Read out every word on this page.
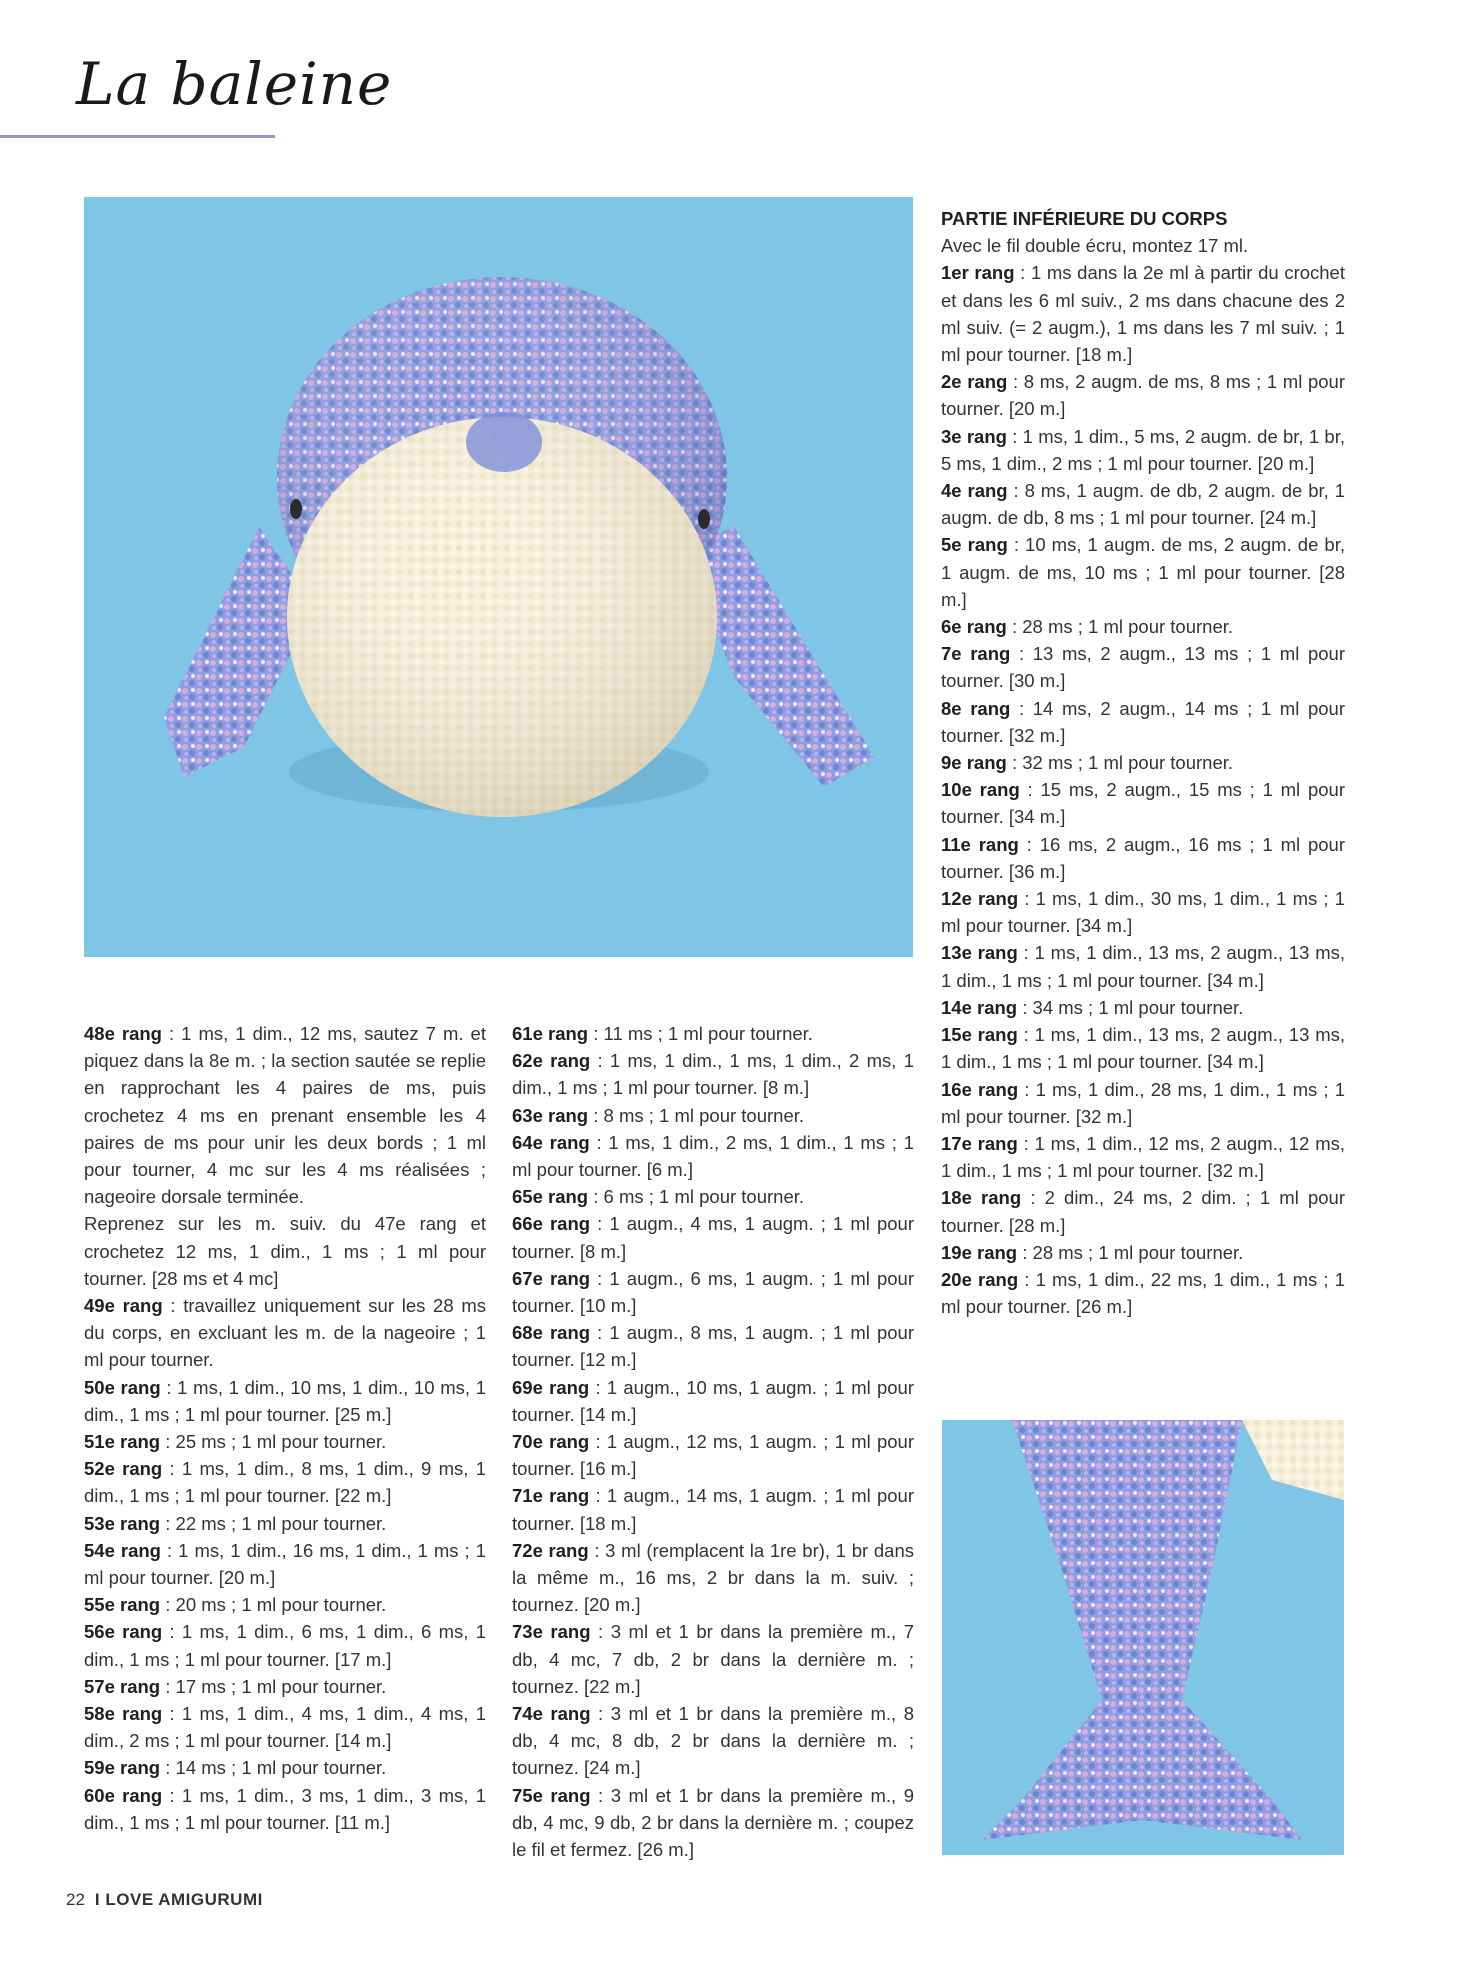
La baleine

48e rang : 1 ms, 1 dim., 12 ms, sautez 7 m. et piquez dans la 8e m. ; la section sautée se replie en rapprochant les 4 paires de ms, puis crochetez 4 ms en prenant ensemble les 4 paires de ms pour unir les deux bords ; 1 ml pour tourner, 4 mc sur les 4 ms réalisées ; nageoire dorsale terminée.

Reprenez sur les m. suiv. du 47e rang et crochetez 12 ms, 1 dim., 1 ms ; 1 ml pour tourner. [28 ms et 4 mc]

49e rang : travaillez uniquement sur les 28 ms du corps, en excluant les m. de la nageoire ; 1 ml pour tourner.

50e rang : 1 ms, 1 dim., 10 ms, 1 dim., 10 ms, 1 dim., 1 ms ; 1 ml pour tourner. [25 m.]

51e rang : 25 ms ; 1 ml pour tourner.

52e rang : 1 ms, 1 dim., 8 ms, 1 dim., 9 ms, 1 dim., 1 ms ; 1 ml pour tourner. [22 m.]

53e rang : 22 ms ; 1 ml pour tourner.

54e rang : 1 ms, 1 dim., 16 ms, 1 dim., 1 ms ; 1 ml pour tourner. [20 m.]

55e rang : 20 ms ; 1 ml pour tourner.

56e rang : 1 ms, 1 dim., 6 ms, 1 dim., 6 ms, 1 dim., 1 ms ; 1 ml pour tourner. [17 m.]

57e rang : 17 ms ; 1 ml pour tourner.

58e rang : 1 ms, 1 dim., 4 ms, 1 dim., 4 ms, 1 dim., 2 ms ; 1 ml pour tourner. [14 m.]

59e rang : 14 ms ; 1 ml pour tourner.

60e rang : 1 ms, 1 dim., 3 ms, 1 dim., 3 ms, 1 dim., 1 ms ; 1 ml pour tourner. [11 m.]

61e rang : 11 ms ; 1 ml pour tourner.

62e rang : 1 ms, 1 dim., 1 ms, 1 dim., 2 ms, 1 dim., 1 ms ; 1 ml pour tourner. [8 m.]

63e rang : 8 ms ; 1 ml pour tourner.

64e rang : 1 ms, 1 dim., 2 ms, 1 dim., 1 ms ; 1 ml pour tourner. [6 m.]

65e rang : 6 ms ; 1 ml pour tourner.

66e rang : 1 augm., 4 ms, 1 augm. ; 1 ml pour tourner. [8 m.]

67e rang : 1 augm., 6 ms, 1 augm. ; 1 ml pour tourner. [10 m.]

68e rang : 1 augm., 8 ms, 1 augm. ; 1 ml pour tourner. [12 m.]

69e rang : 1 augm., 10 ms, 1 augm. ; 1 ml pour tourner. [14 m.]

70e rang : 1 augm., 12 ms, 1 augm. ; 1 ml pour tourner. [16 m.]

71e rang : 1 augm., 14 ms, 1 augm. ; 1 ml pour tourner. [18 m.]

72e rang : 3 ml (remplacent la 1re br), 1 br dans la même m., 16 ms, 2 br dans la m. suiv. ; tournez. [20 m.]

73e rang : 3 ml et 1 br dans la première m., 7 db, 4 mc, 7 db, 2 br dans la dernière m. ; tournez. [22 m.]

74e rang : 3 ml et 1 br dans la première m., 8 db, 4 mc, 8 db, 2 br dans la dernière m. ; tournez. [24 m.]

75e rang : 3 ml et 1 br dans la première m., 9 db, 4 mc, 9 db, 2 br dans la dernière m. ; coupez le fil et fermez. [26 m.]

PARTIE INFÉRIEURE DU CORPS

Avec le fil double écru, montez 17 ml.

1er rang : 1 ms dans la 2e ml à partir du crochet et dans les 6 ml suiv., 2 ms dans chacune des 2 ml suiv. (= 2 augm.), 1 ms dans les 7 ml suiv. ; 1 ml pour tourner. [18 m.]

2e rang : 8 ms, 2 augm. de ms, 8 ms ; 1 ml pour tourner. [20 m.]

3e rang : 1 ms, 1 dim., 5 ms, 2 augm. de br, 1 br, 5 ms, 1 dim., 2 ms ; 1 ml pour tourner. [20 m.]

4e rang : 8 ms, 1 augm. de db, 2 augm. de br, 1 augm. de db, 8 ms ; 1 ml pour tourner. [24 m.]

5e rang : 10 ms, 1 augm. de ms, 2 augm. de br, 1 augm. de ms, 10 ms ; 1 ml pour tourner. [28 m.]

6e rang : 28 ms ; 1 ml pour tourner.

7e rang : 13 ms, 2 augm., 13 ms ; 1 ml pour tourner. [30 m.]

8e rang : 14 ms, 2 augm., 14 ms ; 1 ml pour tourner. [32 m.]

9e rang : 32 ms ; 1 ml pour tourner.

10e rang : 15 ms, 2 augm., 15 ms ; 1 ml pour tourner. [34 m.]

11e rang : 16 ms, 2 augm., 16 ms ; 1 ml pour tourner. [36 m.]

12e rang : 1 ms, 1 dim., 30 ms, 1 dim., 1 ms ; 1 ml pour tourner. [34 m.]

13e rang : 1 ms, 1 dim., 13 ms, 2 augm., 13 ms, 1 dim., 1 ms ; 1 ml pour tourner. [34 m.]

14e rang : 34 ms ; 1 ml pour tourner.

15e rang : 1 ms, 1 dim., 13 ms, 2 augm., 13 ms, 1 dim., 1 ms ; 1 ml pour tourner. [34 m.]

16e rang : 1 ms, 1 dim., 28 ms, 1 dim., 1 ms ; 1 ml pour tourner. [32 m.]

17e rang : 1 ms, 1 dim., 12 ms, 2 augm., 12 ms, 1 dim., 1 ms ; 1 ml pour tourner. [32 m.]

18e rang : 2 dim., 24 ms, 2 dim. ; 1 ml pour tourner. [28 m.]

19e rang : 28 ms ; 1 ml pour tourner.

20e rang : 1 ms, 1 dim., 22 ms, 1 dim., 1 ms ; 1 ml pour tourner. [26 m.]

22 I LOVE AMIGURUMI
